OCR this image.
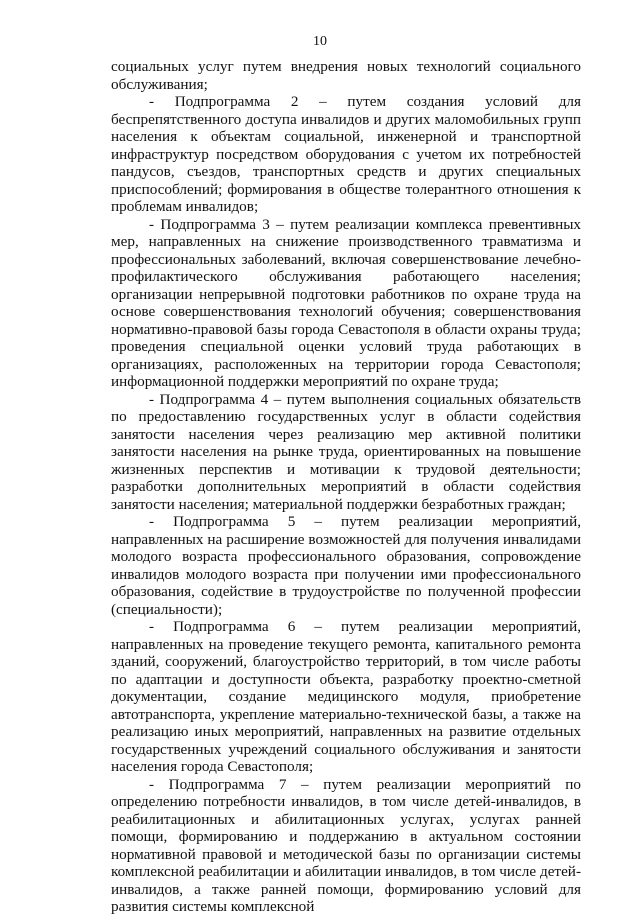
10

социальных услуг путем внедрения новых технологий социального обслуживания;

- Подпрограмма 2 – путем создания условий для беспрепятственного доступа инвалидов и других маломобильных групп населения к объектам социальной, инженерной и транспортной инфраструктур посредством оборудования с учетом их потребностей пандусов, съездов, транспортных средств и других специальных приспособлений; формирования в обществе толерантного отношения к проблемам инвалидов;

- Подпрограмма 3 – путем реализации комплекса превентивных мер, направленных на снижение производственного травматизма и профессиональных заболеваний, включая совершенствование лечебно-профилактического обслуживания работающего населения; организации непрерывной подготовки работников по охране труда на основе совершенствования технологий обучения; совершенствования нормативно-правовой базы города Севастополя в области охраны труда; проведения специальной оценки условий труда работающих в организациях, расположенных на территории города Севастополя; информационной поддержки мероприятий по охране труда;

- Подпрограмма 4 – путем выполнения социальных обязательств по предоставлению государственных услуг в области содействия занятости населения через реализацию мер активной политики занятости населения на рынке труда, ориентированных на повышение жизненных перспектив и мотивации к трудовой деятельности; разработки дополнительных мероприятий в области содействия занятости населения; материальной поддержки безработных граждан;

- Подпрограмма 5 – путем реализации мероприятий, направленных на расширение возможностей для получения инвалидами молодого возраста профессионального образования, сопровождение инвалидов молодого возраста при получении ими профессионального образования, содействие в трудоустройстве по полученной профессии (специальности);

- Подпрограмма 6 – путем реализации мероприятий, направленных на проведение текущего ремонта, капитального ремонта зданий, сооружений, благоустройство территорий, в том числе работы по адаптации и доступности объекта, разработку проектно-сметной документации, создание медицинского модуля, приобретение автотранспорта, укрепление материально-технической базы, а также на реализацию иных мероприятий, направленных на развитие отдельных государственных учреждений социального обслуживания и занятости населения города Севастополя;

- Подпрограмма 7 – путем реализации мероприятий по определению потребности инвалидов, в том числе детей-инвалидов, в реабилитационных и абилитационных услугах, услугах ранней помощи, формированию и поддержанию в актуальном состоянии нормативной правовой и методической базы по организации системы комплексной реабилитации и абилитации инвалидов, в том числе детей-инвалидов, а также ранней помощи, формированию условий для развития системы комплексной
